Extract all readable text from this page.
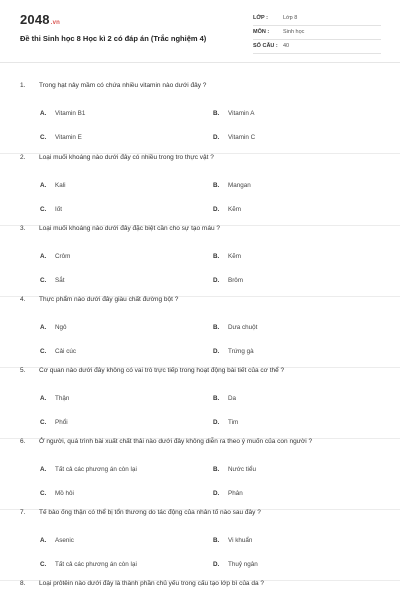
2048.vn
Đề thi Sinh học 8 Học kì 2 có đáp án (Trắc nghiệm 4)
LỚP :	Lớp 8
MÔN :	Sinh học
SỐ CÂU : 40
1. Trong hạt nảy mầm có chứa nhiều vitamin nào dưới đây ?
A. Vitamin B1	B. Vitamin A
C. Vitamin E	D. Vitamin C
2. Loại muối khoáng nào dưới đây có nhiều trong tro thực vật ?
A. Kali	B. Mangan
C. Iốt	D. Kẽm
3. Loại muối khoáng nào dưới đây đặc biệt cần cho sự tạo máu ?
A. Crôm	B. Kẽm
C. Sắt	D. Brôm
4. Thực phẩm nào dưới đây giàu chất đường bột ?
A. Ngô	B. Dưa chuột
C. Cải cúc	D. Trứng gà
5. Cơ quan nào dưới đây không có vai trò trực tiếp trong hoạt động bài tiết của cơ thể ?
A. Thận	B. Da
C. Phổi	D. Tim
6. Ở người, quá trình bài xuất chất thải nào dưới đây không diễn ra theo ý muốn của con người ?
A. Tất cả các phương án còn lại	B. Nước tiểu
C. Mồ hôi	D. Phân
7. Tế bào ống thận có thể bị tổn thương do tác động của nhân tố nào sau đây ?
A. Asenic	B. Vi khuẩn
C. Tất cả các phương án còn lại	D. Thuỷ ngân
8. Loại prôtêin nào dưới đây là thành phần chủ yếu trong cấu tạo lớp bì của da ?
